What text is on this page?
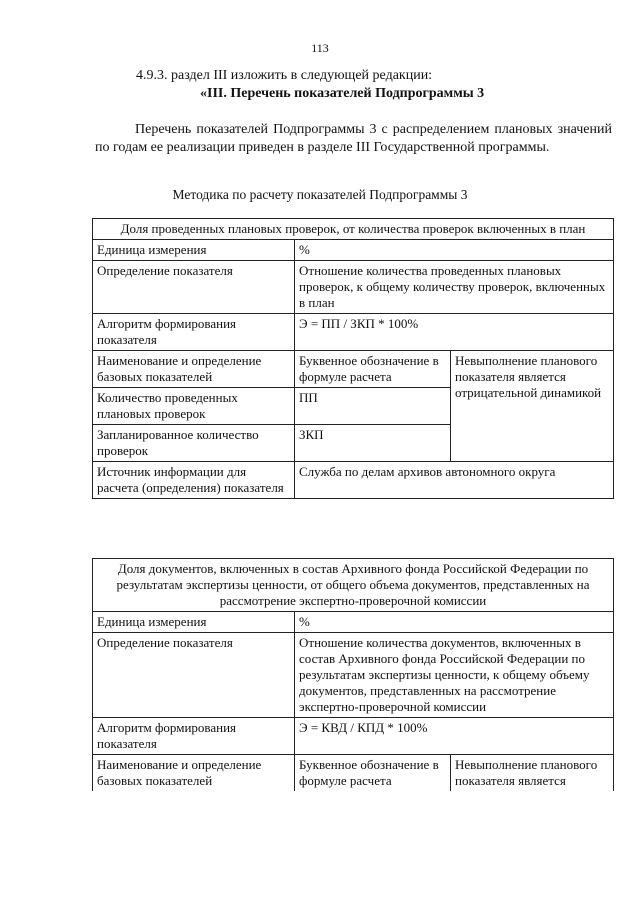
113
4.9.3. раздел III изложить в следующей редакции:
«III. Перечень показателей Подпрограммы 3
Перечень показателей Подпрограммы 3 с распределением плановых значений по годам ее реализации приведен в разделе III Государственной программы.
Методика по расчету показателей Подпрограммы 3
Доля проведенных плановых проверок, от количества проверок включенных в план		
Единица измерения	%	
Определение показателя	Отношение количества проведенных плановых проверок, к общему количеству проверок, включенных в план	
Алгоритм формирования показателя	Э = ПП / ЗКП * 100%	
Наименование и определение базовых показателей	Буквенное обозначение в формуле расчета	Невыполнение планового показателя является отрицательной динамикой
Количество проведенных плановых проверок	ПП	
Запланированное количество проверок	ЗКП	
Источник информации для расчета (определения) показателя	Служба по делам архивов автономного округа	
Доля документов, включенных в состав Архивного фонда Российской Федерации по результатам экспертизы ценности, от общего объема документов, представленных на рассмотрение экспертно-проверочной комиссии		
Единица измерения	%	
Определение показателя	Отношение количества документов, включенных в состав Архивного фонда Российской Федерации по результатам экспертизы ценности, к общему объему документов, представленных на рассмотрение экспертно-проверочной комиссии	
Алгоритм формирования показателя	Э = КВД / КПД * 100%	
Наименование и определение базовых показателей	Буквенное обозначение в формуле расчета	Невыполнение планового показателя является
